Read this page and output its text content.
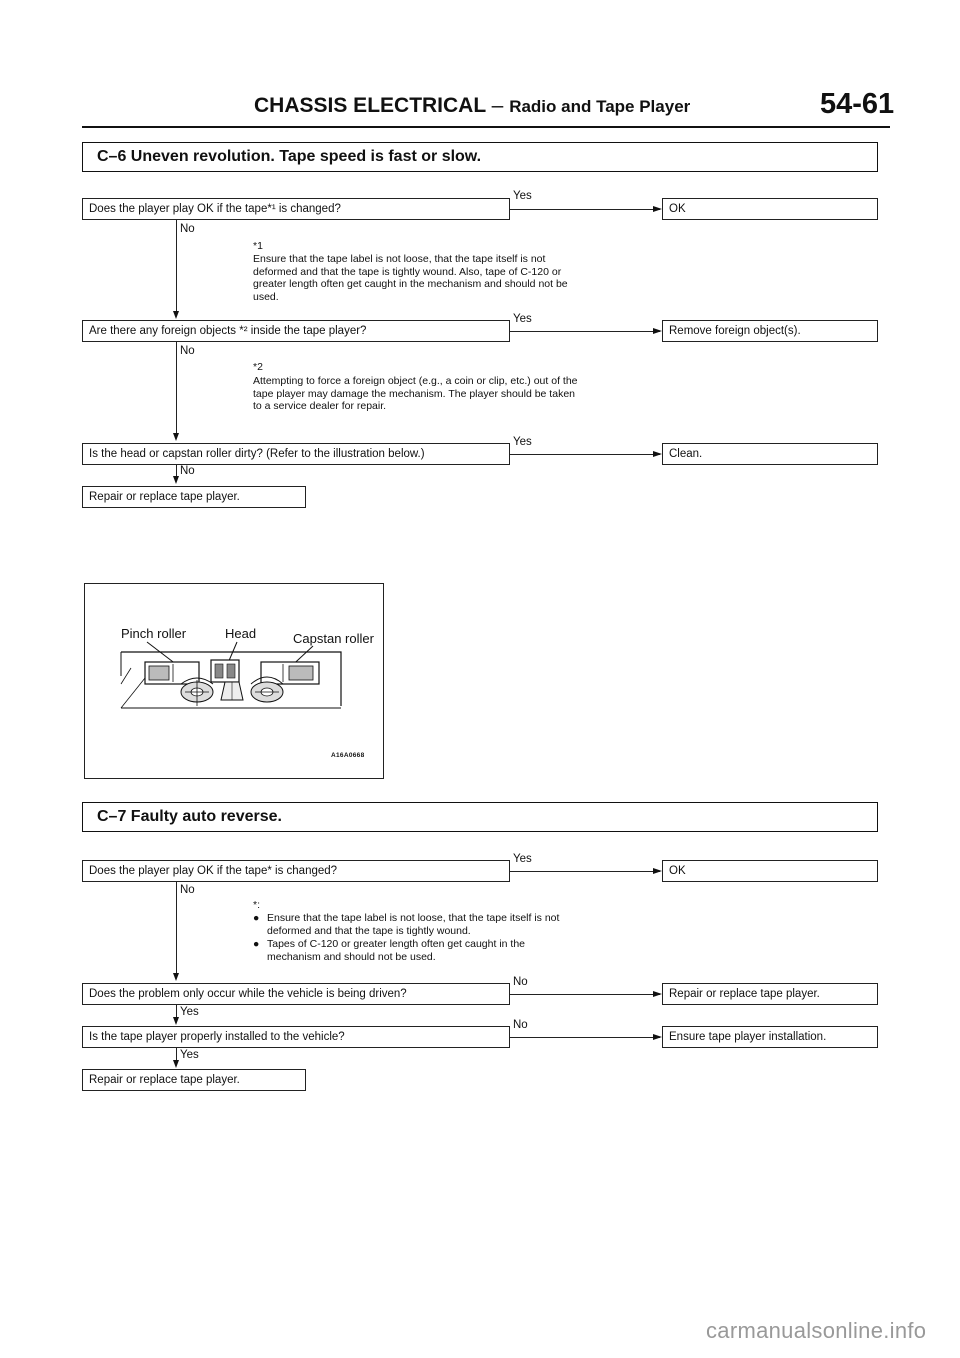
CHASSIS ELECTRICAL – Radio and Tape Player	54-61
C–6 Uneven revolution. Tape speed is fast or slow.
Does the player play OK if the tape*¹ is changed?
Yes
OK
No
*1
Ensure that the tape label is not loose, that the tape itself is not deformed and that the tape is tightly wound. Also, tape of C-120 or greater length often get caught in the mechanism and should not be used.
Are there any foreign objects *² inside the tape player?
Yes
Remove foreign object(s).
No
*2
Attempting to force a foreign object (e.g., a coin or clip, etc.) out of the tape player may damage the mechanism. The player should be taken to a service dealer for repair.
Is the head or capstan roller dirty? (Refer to the illustration below.)
Yes
Clean.
No
Repair or replace tape player.
Pinch roller	Head	Capstan roller
A16A0668
C–7 Faulty auto reverse.
Does the player play OK if the tape* is changed?
Yes
OK
No
*:
● Ensure that the tape label is not loose, that the tape itself is not deformed and that the tape is tightly wound.
● Tapes of C-120 or greater length often get caught in the mechanism and should not be used.
Does the problem only occur while the vehicle is being driven?
No
Repair or replace tape player.
Yes
Is the tape player properly installed to the vehicle?
No
Ensure tape player installation.
Yes
Repair or replace tape player.
carmanualsonline.info
